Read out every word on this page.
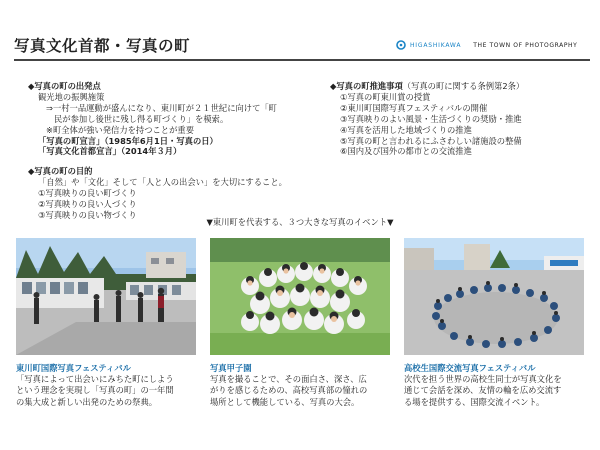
写真文化首都・写真の町	HIGASHIKAWA THE TOWN OF PHOTOGRAPHY
◆写真の町の出発点
観光地の振興施策
⇒一村一品運動が盛んになり、東川町が２１世紀に向けて「町
民が参加し後世に残し得る町づくり」を模索。
※町全体が強い発信力を持つことが重要
「写真の町宣言」（1985年6月1日・写真の日）
「写真文化首都宣言」（2014年３月）
◆写真の町の目的
「自然」や「文化」そして「人と人の出会い」を大切にすること。
①写真映りの良い町づくり
②写真映りの良い人づくり
③写真映りの良い物づくり
◆写真の町推進事項（写真の町に関する条例第2条）
①写真の町東川賞の授賞
②東川町国際写真フェスティバルの開催
③写真映りのよい風景・生活づくりの奨励・推進
④写真を活用した地域づくりの推進
⑤写真の町と言われるにふさわしい諸施設の整備
⑥国内及び国外の都市との交流推進
▼東川町を代表する、３つ大きな写真のイベント▼
東川町国際写真フェスティバル
「写真によって出会いにみちた町にしよう
という理念を実現し「写真の町」の一年間
の集大成と新しい出発のための祭典。
写真甲子園
写真を撮ることで、その面白さ、深さ、広
がりを感じるための、高校写真部の憧れの
場所として機能している、写真の大会。
高校生国際交流写真フェスティバル
次代を担う世界の高校生同士が写真文化を
通じて会話を深め、友情の輪を広め交流す
る場を提供する、国際交流イベント。
